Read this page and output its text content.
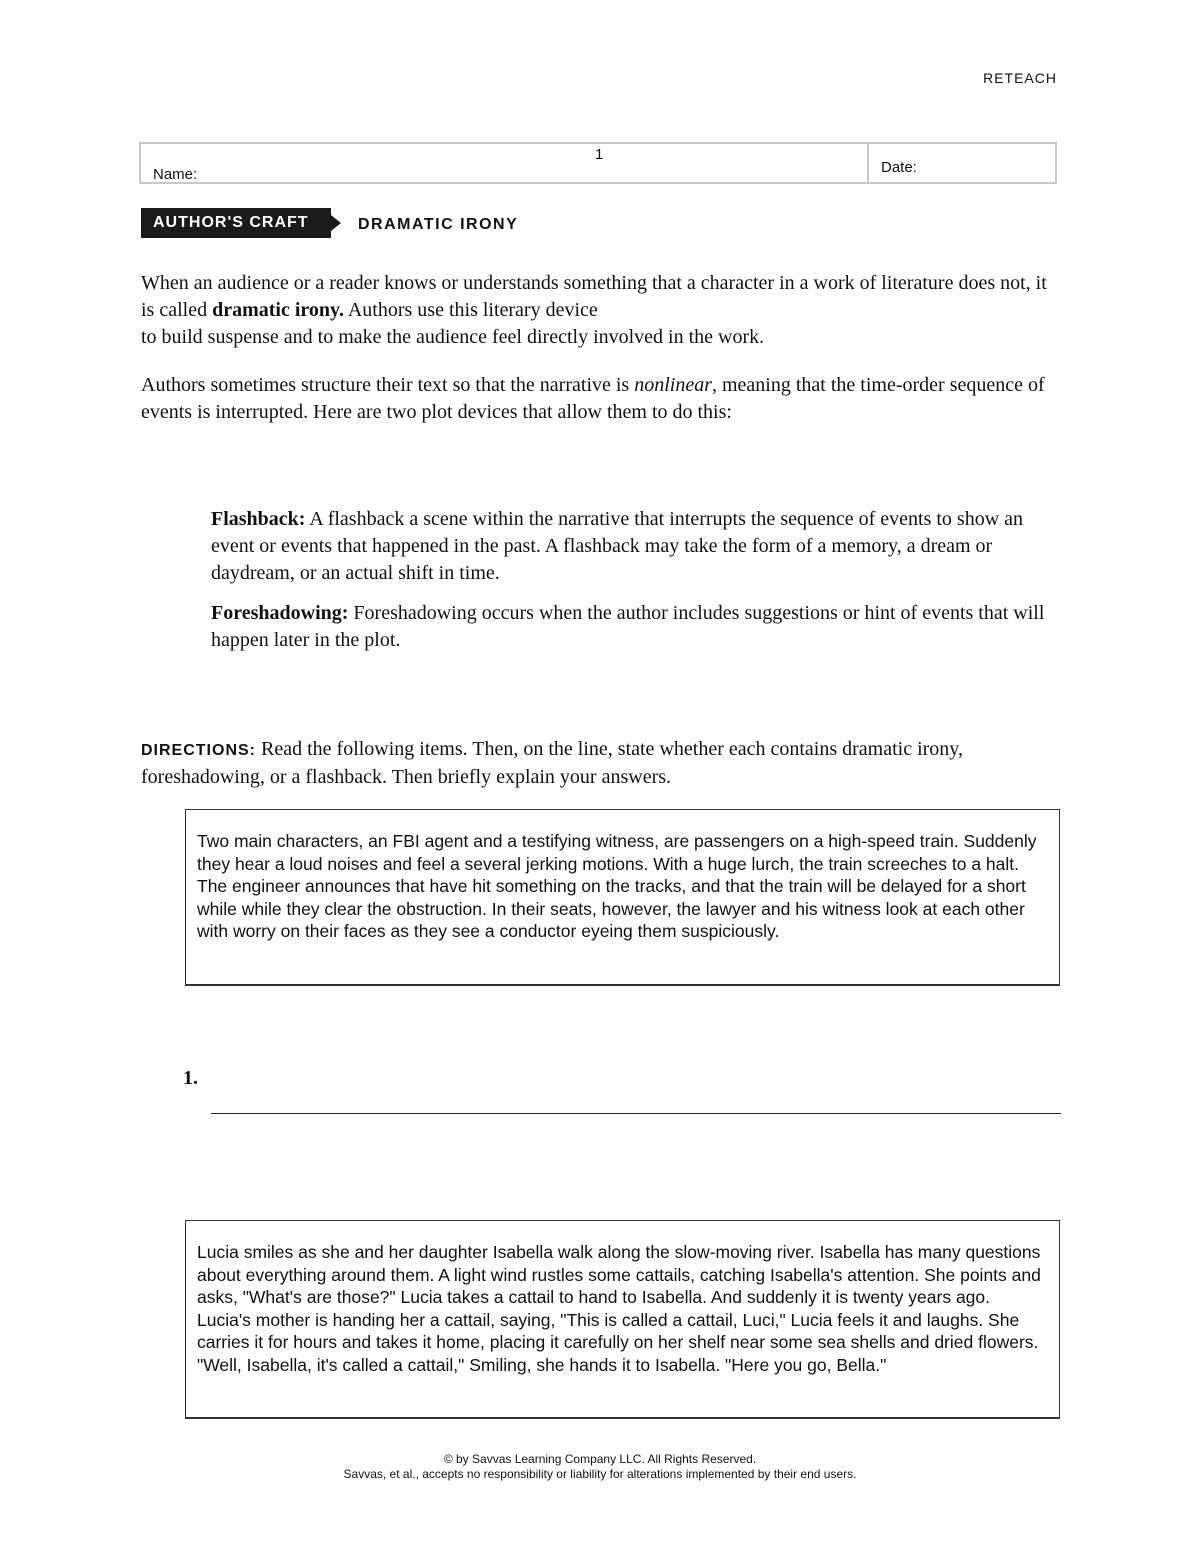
RETEACH
Name:
1
Date:
AUTHOR'S CRAFT	DRAMATIC IRONY
When an audience or a reader knows or understands something that a character in a work of literature does not, it is called dramatic irony. Authors use this literary device
to build suspense and to make the audience feel directly involved in the work.
Authors sometimes structure their text so that the narrative is nonlinear, meaning that the time-order sequence of events is interrupted. Here are two plot devices that allow them to do this:
Flashback: A flashback a scene within the narrative that interrupts the sequence of events to show an event or events that happened in the past. A flashback may take the form of a memory, a dream or daydream, or an actual shift in time.
Foreshadowing: Foreshadowing occurs when the author includes suggestions or hint of events that will happen later in the plot.
DIRECTIONS: Read the following items. Then, on the line, state whether each contains dramatic irony, foreshadowing, or a flashback. Then briefly explain your answers.
Two main characters, an FBI agent and a testifying witness, are passengers on a high-speed train. Suddenly they hear a loud noises and feel a several jerking motions. With a huge lurch, the train screeches to a halt. The engineer announces that have hit something on the tracks, and that the train will be delayed for a short while while they clear the obstruction. In their seats, however, the lawyer and his witness look at each other with worry on their faces as they see a conductor eyeing them suspiciously.
1.
Lucia smiles as she and her daughter Isabella walk along the slow-moving river. Isabella has many questions about everything around them. A light wind rustles some cattails, catching Isabella's attention. She points and asks, "What's are those?" Lucia takes a cattail to hand to Isabella. And suddenly it is twenty years ago. Lucia's mother is handing her a cattail, saying, "This is called a cattail, Luci," Lucia feels it and laughs. She carries it for hours and takes it home, placing it carefully on her shelf near some sea shells and dried flowers. "Well, Isabella, it's called a cattail," Smiling, she hands it to Isabella. "Here you go, Bella."
© by Savvas Learning Company LLC. All Rights Reserved.
Savvas, et al., accepts no responsibility or liability for alterations implemented by their end users.
